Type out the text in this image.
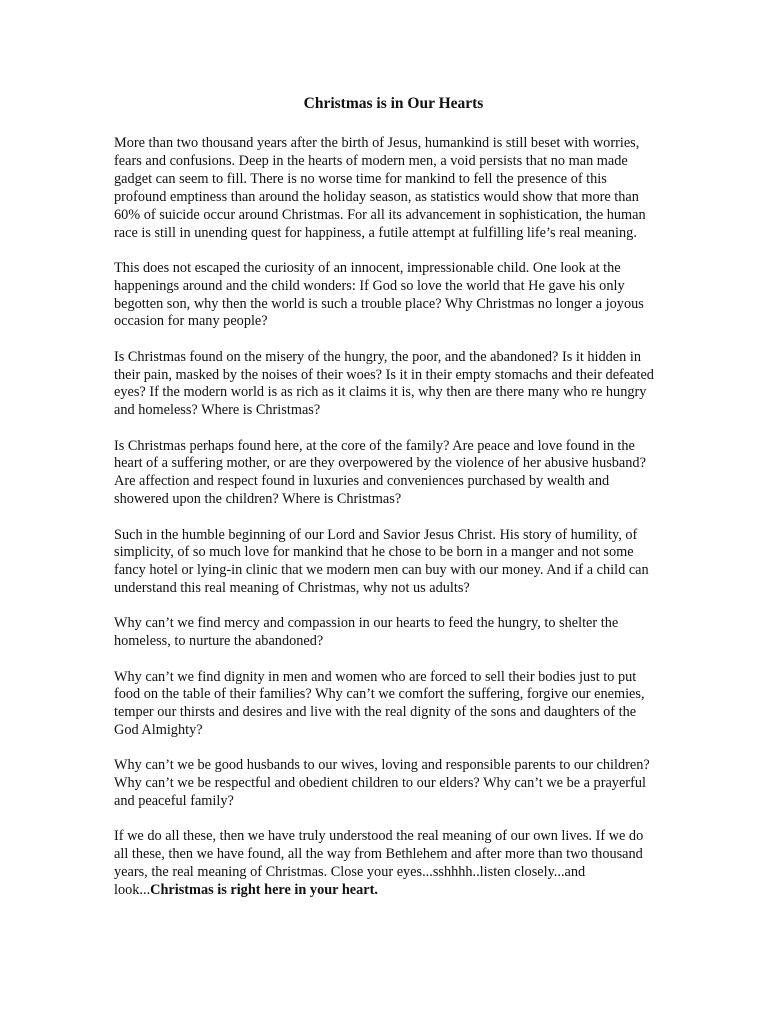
Christmas is in Our Hearts

More than two thousand years after the birth of Jesus, humankind is still beset with worries, fears and confusions. Deep in the hearts of modern men, a void persists that no man made gadget can seem to fill. There is no worse time for mankind to fell the presence of this profound emptiness than around the holiday season, as statistics would show that more than 60% of suicide occur around Christmas. For all its advancement in sophistication, the human race is still in unending quest for happiness, a futile attempt at fulfilling life’s real meaning.

This does not escaped the curiosity of an innocent, impressionable child. One look at the happenings around and the child wonders: If God so love the world that He gave his only begotten son, why then the world is such a trouble place? Why Christmas no longer a joyous occasion for many people?

Is Christmas found on the misery of the hungry, the poor, and the abandoned? Is it hidden in their pain, masked by the noises of their woes? Is it in their empty stomachs and their defeated eyes? If the modern world is as rich as it claims it is, why then are there many who re hungry and homeless? Where is Christmas?

Is Christmas perhaps found here, at the core of the family? Are peace and love found in the heart of a suffering mother, or are they overpowered by the violence of her abusive husband? Are affection and respect found in luxuries and conveniences purchased by wealth and showered upon the children? Where is Christmas?

Such in the humble beginning of our Lord and Savior Jesus Christ. His story of humility, of simplicity, of so much love for mankind that he chose to be born in a manger and not some fancy hotel or lying-in clinic that we modern men can buy with our money. And if a child can understand this real meaning of Christmas, why not us adults?

Why can’t we find mercy and compassion in our hearts to feed the hungry, to shelter the homeless, to nurture the abandoned?

Why can’t we find dignity in men and women who are forced to sell their bodies just to put food on the table of their families? Why can’t we comfort the suffering, forgive our enemies, temper our thirsts and desires and live with the real dignity of the sons and daughters of the God Almighty?

Why can’t we be good husbands to our wives, loving and responsible parents to our children? Why can’t we be respectful and obedient children to our elders? Why can’t we be a prayerful and peaceful family?

If we do all these, then we have truly understood the real meaning of our own lives. If we do all these, then we have found, all the way from Bethlehem and after more than two thousand years, the real meaning of Christmas. Close your eyes...sshhhh..listen closely...and look...Christmas is right here in your heart.
